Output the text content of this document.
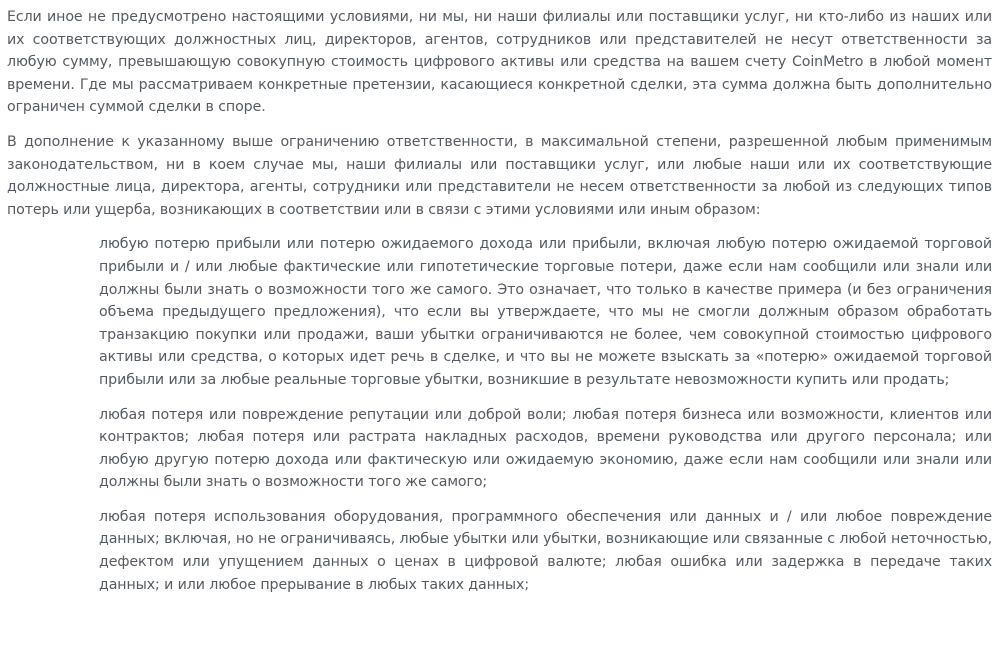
Если иное не предусмотрено настоящими условиями, ни мы, ни наши филиалы или поставщики услуг, ни кто-либо из наших или их соответствующих должностных лиц, директоров, агентов, сотрудников или представителей не несут ответственности за любую сумму, превышающую совокупную стоимость цифрового активы или средства на вашем счету CoinMetro в любой момент времени. Где мы рассматриваем конкретные претензии, касающиеся конкретной сделки, эта сумма должна быть дополнительно ограничен суммой сделки в споре.

В дополнение к указанному выше ограничению ответственности, в максимальной степени, разрешенной любым применимым законодательством, ни в коем случае мы, наши филиалы или поставщики услуг, или любые наши или их соответствующие должностные лица, директора, агенты, сотрудники или представители не несем ответственности за любой из следующих типов потерь или ущерба, возникающих в соответствии или в связи с этими условиями или иным образом:

любую потерю прибыли или потерю ожидаемого дохода или прибыли, включая любую потерю ожидаемой торговой прибыли и / или любые фактические или гипотетические торговые потери, даже если нам сообщили или знали или должны были знать о возможности того же самого. Это означает, что только в качестве примера (и без ограничения объема предыдущего предложения), что если вы утверждаете, что мы не смогли должным образом обработать транзакцию покупки или продажи, ваши убытки ограничиваются не более, чем совокупной стоимостью цифрового активы или средства, о которых идет речь в сделке, и что вы не можете взыскать за «потерю» ожидаемой торговой прибыли или за любые реальные торговые убытки, возникшие в результате невозможности купить или продать;
любая потеря или повреждение репутации или доброй воли; любая потеря бизнеса или возможности, клиентов или контрактов; любая потеря или растрата накладных расходов, времени руководства или другого персонала; или любую другую потерю дохода или фактическую или ожидаемую экономию, даже если нам сообщили или знали или должны были знать о возможности того же самого;
любая потеря использования оборудования, программного обеспечения или данных и / или любое повреждение данных; включая, но не ограничиваясь, любые убытки или убытки, возникающие или связанные с любой неточностью, дефектом или упущением данных о ценах в цифровой валюте; любая ошибка или задержка в передаче таких данных; и или любое прерывание в любых таких данных;
